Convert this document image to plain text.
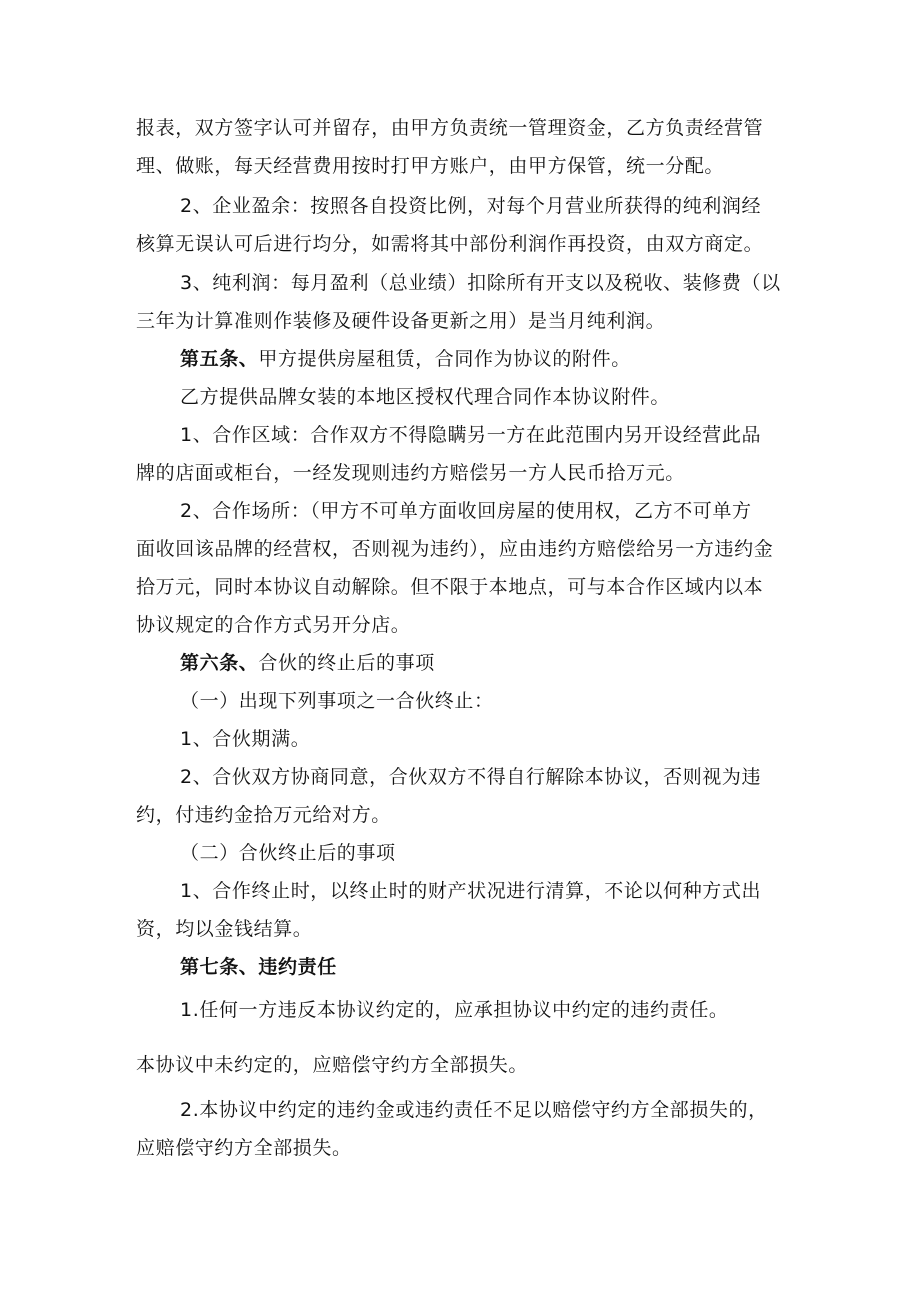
报表，双方签字认可并留存，由甲方负责统一管理资金，乙方负责经营管
理、做账，每天经营费用按时打甲方账户，由甲方保管，统一分配。
2、企业盈余：按照各自投资比例，对每个月营业所获得的纯利润经
核算无误认可后进行均分，如需将其中部份利润作再投资，由双方商定。
3、纯利润：每月盈利（总业绩）扣除所有开支以及税收、装修费（以
三年为计算准则作装修及硬件设备更新之用）是当月纯利润。
第五条、甲方提供房屋租赁，合同作为协议的附件。
乙方提供品牌女装的本地区授权代理合同作本协议附件。
1、合作区域：合作双方不得隐瞒另一方在此范围内另开设经营此品
牌的店面或柜台，一经发现则违约方赔偿另一方人民币拾万元。
2、合作场所：（甲方不可单方面收回房屋的使用权，乙方不可单方
面收回该品牌的经营权，否则视为违约），应由违约方赔偿给另一方违约金
拾万元，同时本协议自动解除。但不限于本地点，可与本合作区域内以本
协议规定的合作方式另开分店。
第六条、合伙的终止后的事项
（一）出现下列事项之一合伙终止：
1、合伙期满。
2、合伙双方协商同意，合伙双方不得自行解除本协议，否则视为违
约，付违约金拾万元给对方。
（二）合伙终止后的事项
1、合作终止时，以终止时的财产状况进行清算，不论以何种方式出
资，均以金钱结算。
第七条、违约责任
1.任何一方违反本协议约定的，应承担协议中约定的违约责任。
本协议中未约定的，应赔偿守约方全部损失。
2.本协议中约定的违约金或违约责任不足以赔偿守约方全部损失的，
应赔偿守约方全部损失。
